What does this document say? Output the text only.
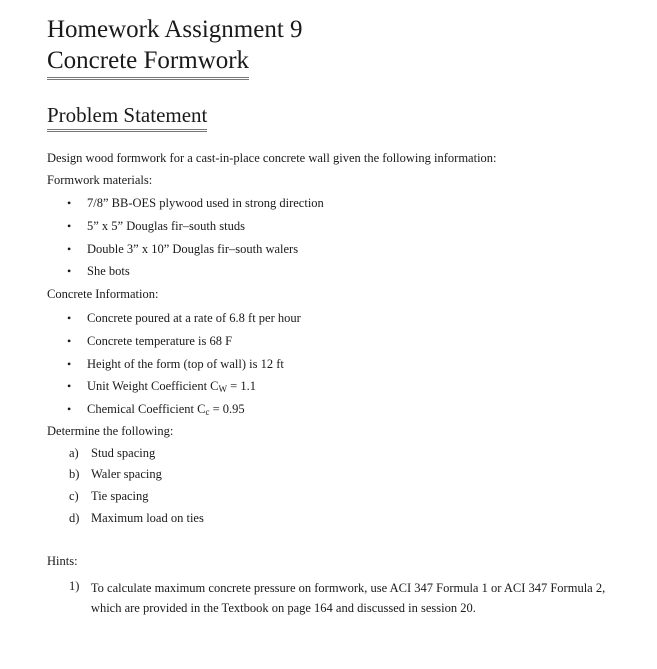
Homework Assignment 9
Concrete Formwork
Problem Statement
Design wood formwork for a cast-in-place concrete wall given the following information:
Formwork materials:
•	7/8” BB-OES plywood used in strong direction
•	5” x 5” Douglas fir–south studs
•	Double 3” x 10” Douglas fir–south walers
•	She bots
Concrete Information:
•	Concrete poured at a rate of 6.8 ft per hour
•	Concrete temperature is 68 F
•	Height of the form (top of wall) is 12 ft
•	Unit Weight Coefficient $C_W = 1.1$
•	Chemical Coefficient $C_c = 0.95$
Determine the following:
a) Stud spacing
b) Waler spacing
c) Tie spacing
d) Maximum load on ties
Hints:
1) To calculate maximum concrete pressure on formwork, use ACI 347 Formula 1 or ACI 347 Formula 2, which are provided in the Textbook on page 164 and discussed in session 20.
